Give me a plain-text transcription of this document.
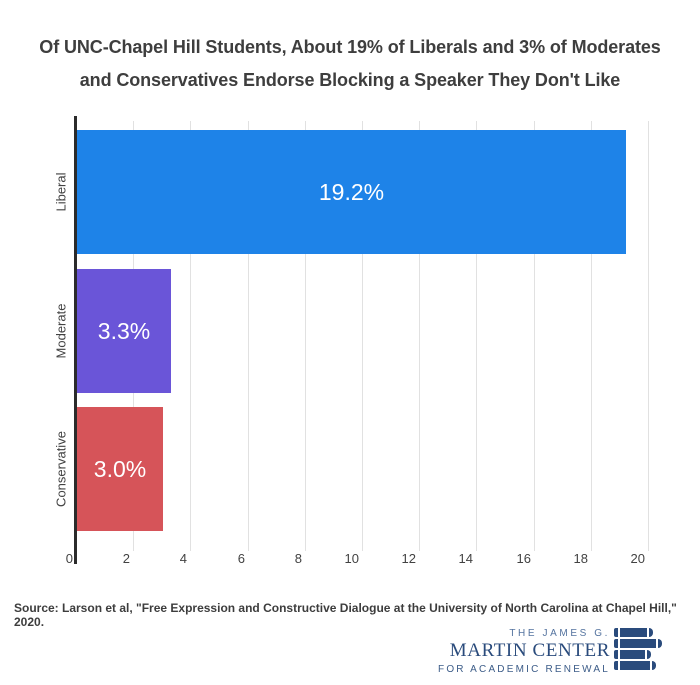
Of UNC-Chapel Hill Students, About 19% of Liberals and 3% of Moderates
and Conservatives Endorse Blocking a Speaker They Don't Like
19.2%
3.3%
3.0%
Liberal
Moderate
Conservative
0	2	4	6	8	10	12	14	16	18	20
Source: Larson et al, "Free Expression and Constructive Dialogue at the University of North Carolina at Chapel Hill," 2020.
THE JAMES G.
MARTIN CENTER
FOR ACADEMIC RENEWAL
